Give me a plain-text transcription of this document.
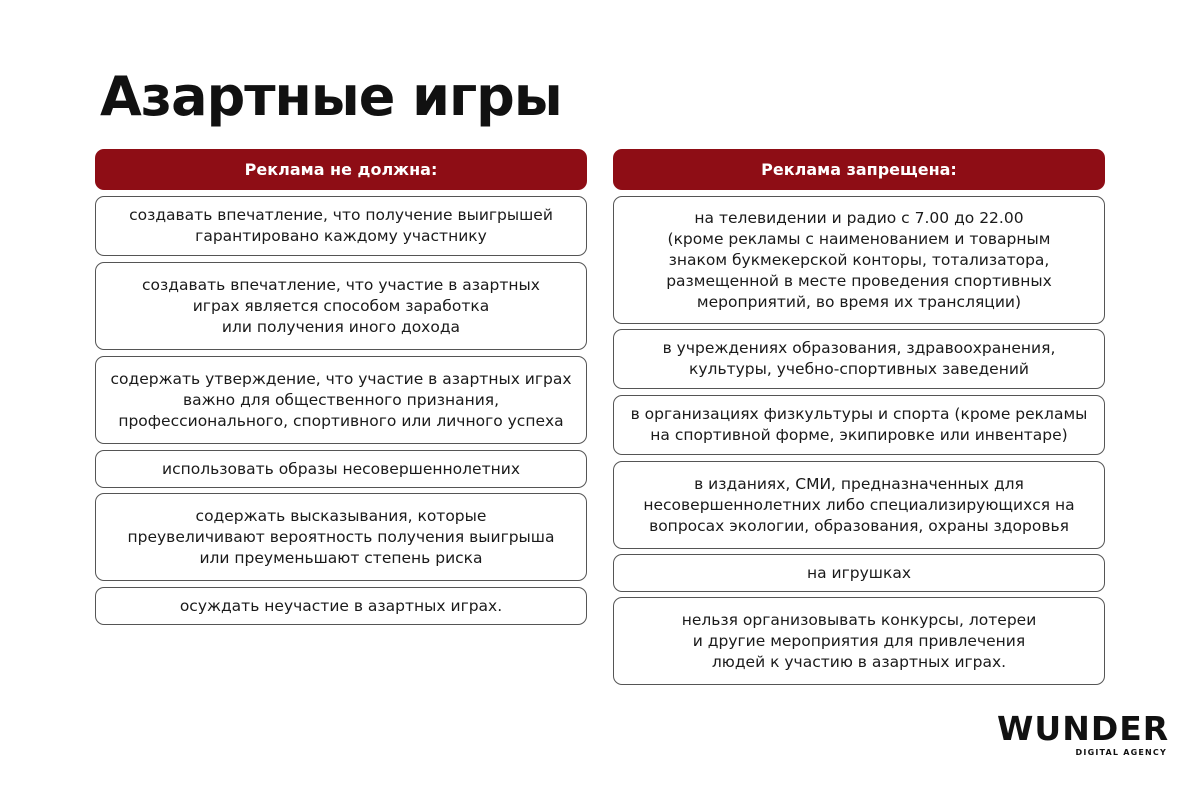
Азартные игры
Реклама не должна:
создавать впечатление, что получение выигрышей
гарантировано каждому участнику
создавать впечатление, что участие в азартных
играх является способом заработка
или получения иного дохода
содержать утверждение, что участие в азартных играх
важно для общественного признания,
профессионального, спортивного или личного успеха
использовать образы несовершеннолетних
содержать высказывания, которые
преувеличивают вероятность получения выигрыша
или преуменьшают степень риска
осуждать неучастие в азартных играх.
Реклама запрещена:
на телевидении и радио с 7.00 до 22.00
(кроме рекламы с наименованием и товарным
знаком букмекерской конторы, тотализатора,
размещенной в месте проведения спортивных
мероприятий, во время их трансляции)
в учреждениях образования, здравоохранения,
культуры, учебно-спортивных заведений
в организациях физкультуры и спорта (кроме рекламы
на спортивной форме, экипировке или инвентаре)
в изданиях, СМИ, предназначенных для
несовершеннолетних либо специализирующихся на
вопросах экологии, образования, охраны здоровья
на игрушках
нельзя организовывать конкурсы, лотереи
и другие мероприятия для привлечения
людей к участию в азартных играх.
WUNDER
DIGITAL AGENCY
